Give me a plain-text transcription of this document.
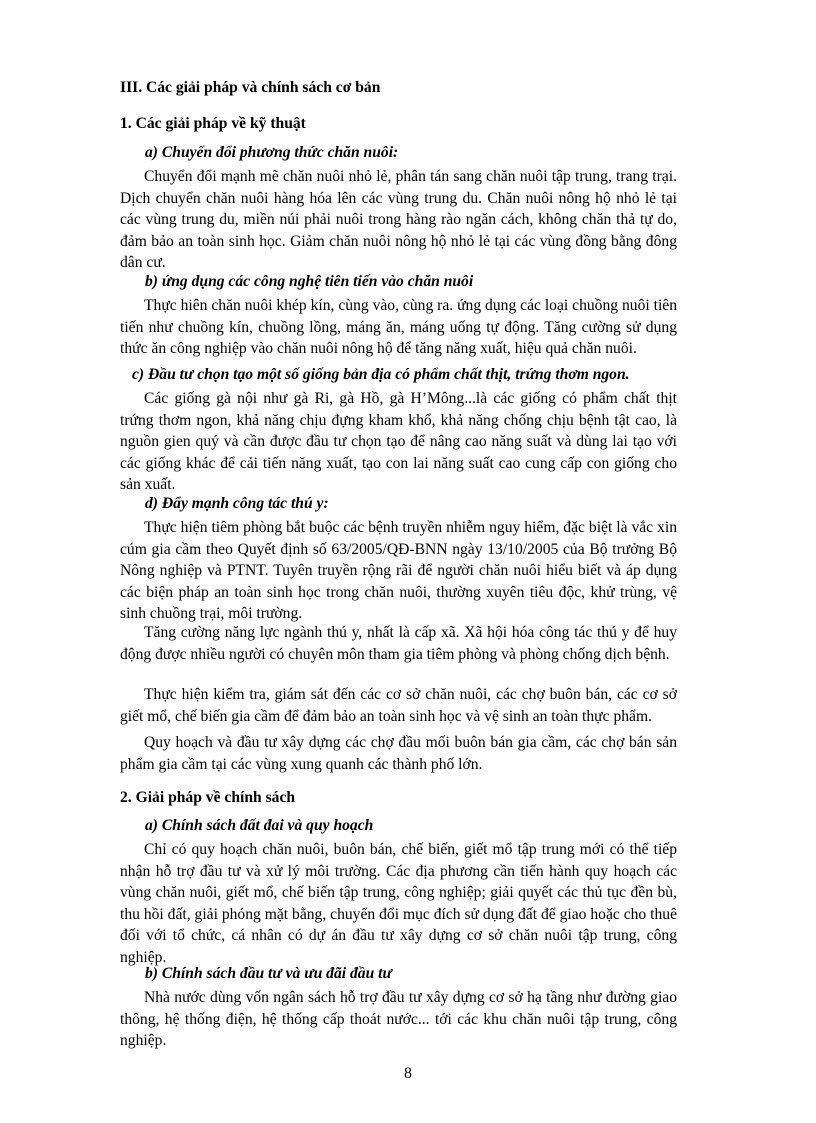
III. Các giải pháp và chính sách cơ bản
1. Các giải pháp về kỹ thuật
a) Chuyển đổi phương thức chăn nuôi:

Chuyển đổi mạnh mẽ chăn nuôi nhỏ lẻ, phân tán sang chăn nuôi tập trung, trang trại. Dịch chuyển chăn nuôi hàng hóa lên các vùng trung du. Chăn nuôi nông hộ nhỏ lẻ tại các vùng trung du, miền núi phải nuôi trong hàng rào ngăn cách, không chăn thả tự do, đảm bảo an toàn sinh học. Giảm chăn nuôi nông hộ nhỏ lẻ tại các vùng đồng bằng đông dân cư.

b) ứng dụng các công nghệ tiên tiến vào chăn nuôi

Thực hiên chăn nuôi khép kín, cùng vào, cùng ra. ứng dụng các loại chuồng nuôi tiên tiến như chuồng kín, chuồng lồng, máng ăn, máng uống tự động. Tăng cường sử dụng thức ăn công nghiệp vào chăn nuôi nông hộ để tăng năng xuất, hiệu quả chăn nuôi.

c) Đầu tư chọn tạo một số giống bản địa có phẩm chất thịt, trứng thơm ngon.

Các giống gà nội như gà Ri, gà Hồ, gà H’Mông...là các giống có phẩm chất thịt trứng thơm ngon, khả năng chịu đựng kham khổ, khả năng chống chịu bệnh tật cao, là nguồn gien quý và cần được đầu tư chọn tạo để nâng cao năng suất và dùng lai tạo với các giống khác để cải tiến năng xuất, tạo con lai năng suất cao cung cấp con giống cho sản xuất.

d) Đẩy mạnh công tác thú y:

Thực hiện tiêm phòng bắt buộc các bệnh truyền nhiễm nguy hiểm, đặc biệt là vắc xin cúm gia cầm theo Quyết định số 63/2005/QĐ-BNN ngày 13/10/2005 của Bộ trưởng Bộ Nông nghiệp và PTNT. Tuyên truyền rộng rãi để người chăn nuôi hiểu biết và áp dụng các biện pháp an toàn sinh học trong chăn nuôi, thường xuyên tiêu độc, khử trùng, vệ sinh chuồng trại, môi trường.

Tăng cường năng lực ngành thú y, nhất là cấp xã. Xã hội hóa công tác thú y để huy động được nhiều người có chuyên môn tham gia tiêm phòng và phòng chống dịch bệnh.

Thực hiện kiểm tra, giám sát đến các cơ sở chăn nuôi, các chợ buôn bán, các cơ sở giết mổ, chế biến gia cầm để đảm bảo an toàn sinh học và vệ sinh an toàn thực phẩm.

Quy hoạch và đầu tư xây dựng các chợ đầu mối buôn bán gia cầm, các chợ bán sản phẩm gia cầm tại các vùng xung quanh các thành phố lớn.

2. Giải pháp về chính sách
a) Chính sách đất đai và quy hoạch

Chỉ có quy hoạch chăn nuôi, buôn bán, chế biến, giết mổ tập trung mới có thể tiếp nhận hỗ trợ đầu tư và xử lý môi trường. Các địa phương cần tiến hành quy hoạch các vùng chăn nuôi, giết mổ, chế biến tập trung, công nghiệp; giải quyết các thủ tục đền bù, thu hồi đất, giải phóng mặt bằng, chuyển đổi mục đích sử dụng đất để giao hoặc cho thuê đối với tổ chức, cá nhân có dự án đầu tư xây dựng cơ sở chăn nuôi tập trung, công nghiệp.

b) Chính sách đầu tư và ưu đãi đầu tư

Nhà nước dùng vốn ngân sách hỗ trợ đầu tư xây dựng cơ sở hạ tầng như đường giao thông, hệ thống điện, hệ thống cấp thoát nước... tới các khu chăn nuôi tập trung, công nghiệp.

8
